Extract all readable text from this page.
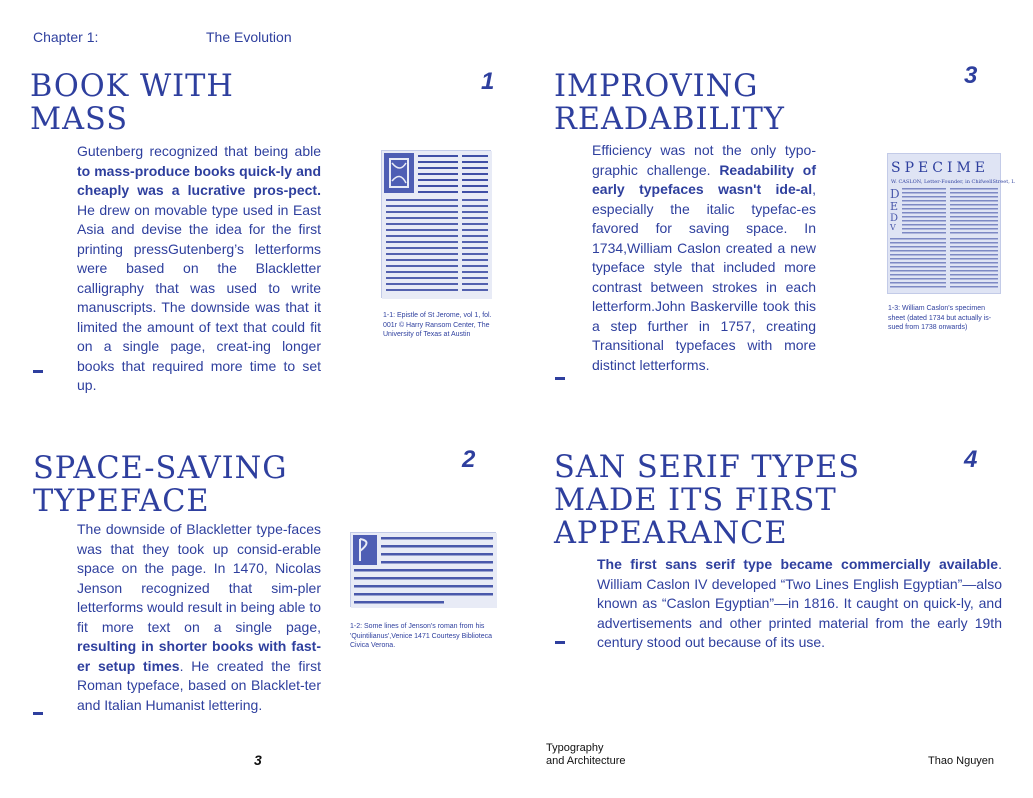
Chapter 1:	The Evolution
BOOK WITH
MASS
1
Gutenberg recognized that being able to mass-produce books quick-ly and cheaply was a lucrative pros-pect. He drew on movable type used in East Asia and devise the idea for the first printing pressGutenberg’s letterforms were based on the Blackletter calligraphy that was used to write manuscripts. The downside was that it limited the amount of text that could fit on a single page, creat-ing longer books that required more time to set up.
1-1: Epistle of St Jerome, vol 1, fol. 001r © Harry Ransom Center, The University of Texas at Austin
SPACE-SAVING
TYPEFACE
2
The downside of Blackletter type-faces was that they took up consid-erable space on the page. In 1470, Nicolas Jenson recognized that sim-pler letterforms would result in being able to fit more text on a single page, resulting in shorter books with fast-er setup times. He created the first Roman typeface, based on Blacklet-ter and Italian Humanist lettering.
1-2: Some lines of Jenson's roman from his 'Quintilianus',Venice 1471 Courtesy Biblioteca Civica Verona.
IMPROVING
READABILITY
3
Efficiency was not the only typo-graphic challenge. Readability of early typefaces wasn't ide-al, especially the italic typefac-es favored for saving space. In 1734,William Caslon created a new typeface style that included more contrast between strokes in each letterform.John Baskerville took this a step further in 1757, creating Transitional typefaces with more distinct letterforms.
SPECIME
W. CASLON, Letter-Founder, in ChifwellStreet, L
D
E
D
V
1-3: William Caslon's specimen sheet (dated 1734 but actually is-sued from 1738 onwards)
SAN SERIF TYPES
MADE ITS FIRST
APPEARANCE
4
The first sans serif type became commercially available. William Caslon IV developed “Two Lines English Egyptian”—also known as “Caslon Egyptian”—in 1816. It caught on quick-ly, and advertisements and other printed material from the early 19th century stood out because of its use.
3
Typography
and Architecture	Thao Nguyen
